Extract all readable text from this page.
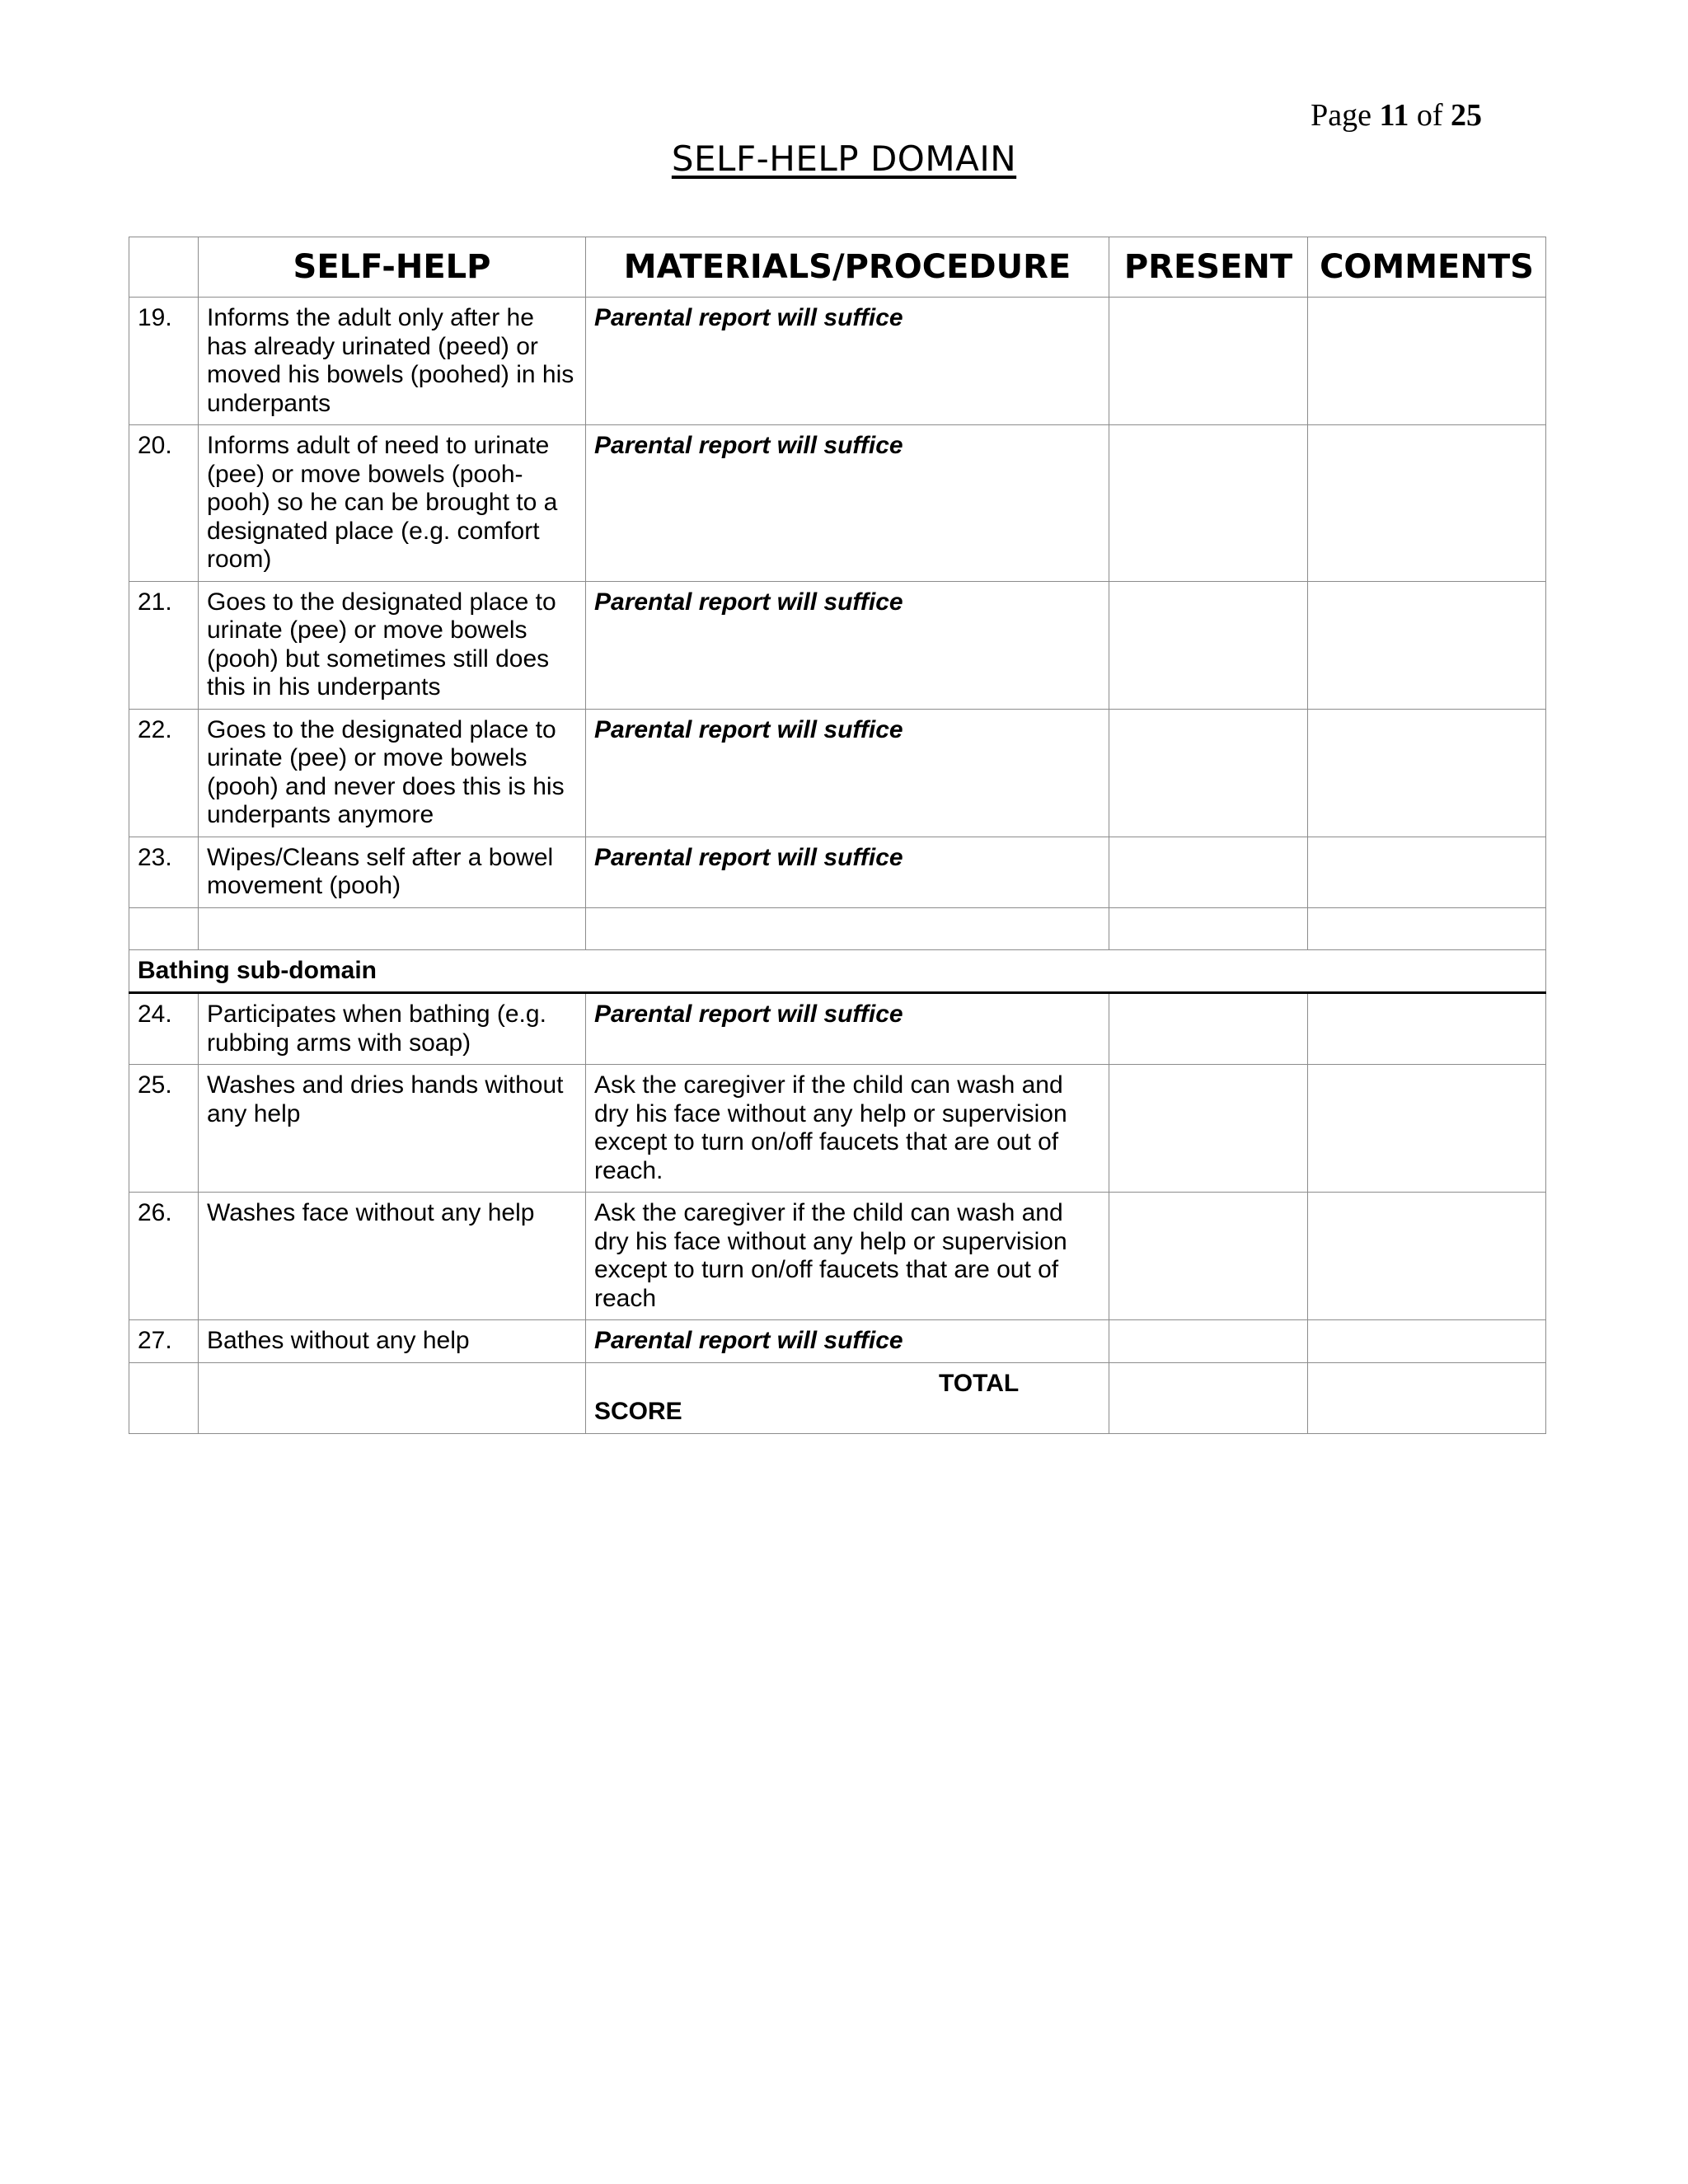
Page 11 of 25
SELF-HELP DOMAIN
	SELF-HELP	MATERIALS/PROCEDURE	PRESENT	COMMENTS
19.	Informs the adult only after he has already urinated (peed) or moved his bowels (poohed) in his underpants	Parental report will suffice		
20.	Informs adult of need to urinate (pee) or move bowels (pooh-pooh) so he can be brought to a designated place (e.g. comfort room)	Parental report will suffice		
21.	Goes to the designated place to urinate (pee) or move bowels (pooh) but sometimes still does this in his underpants	Parental report will suffice		
22.	Goes to the designated place to urinate (pee) or move bowels (pooh) and never does this is his underpants anymore	Parental report will suffice		
23.	Wipes/Cleans self after a bowel movement (pooh)	Parental report will suffice		

Bathing sub-domain				
24.	Participates when bathing (e.g. rubbing arms with soap)	Parental report will suffice		
25.	Washes and dries hands without any help	Ask the caregiver if the child can wash and dry his face without any help or supervision except to turn on/off faucets that are out of reach.		
26.	Washes face without any help	Ask the caregiver if the child can wash and dry his face without any help or supervision except to turn on/off faucets that are out of reach		
27.	Bathes without any help	Parental report will suffice		

		TOTAL
SCORE		
